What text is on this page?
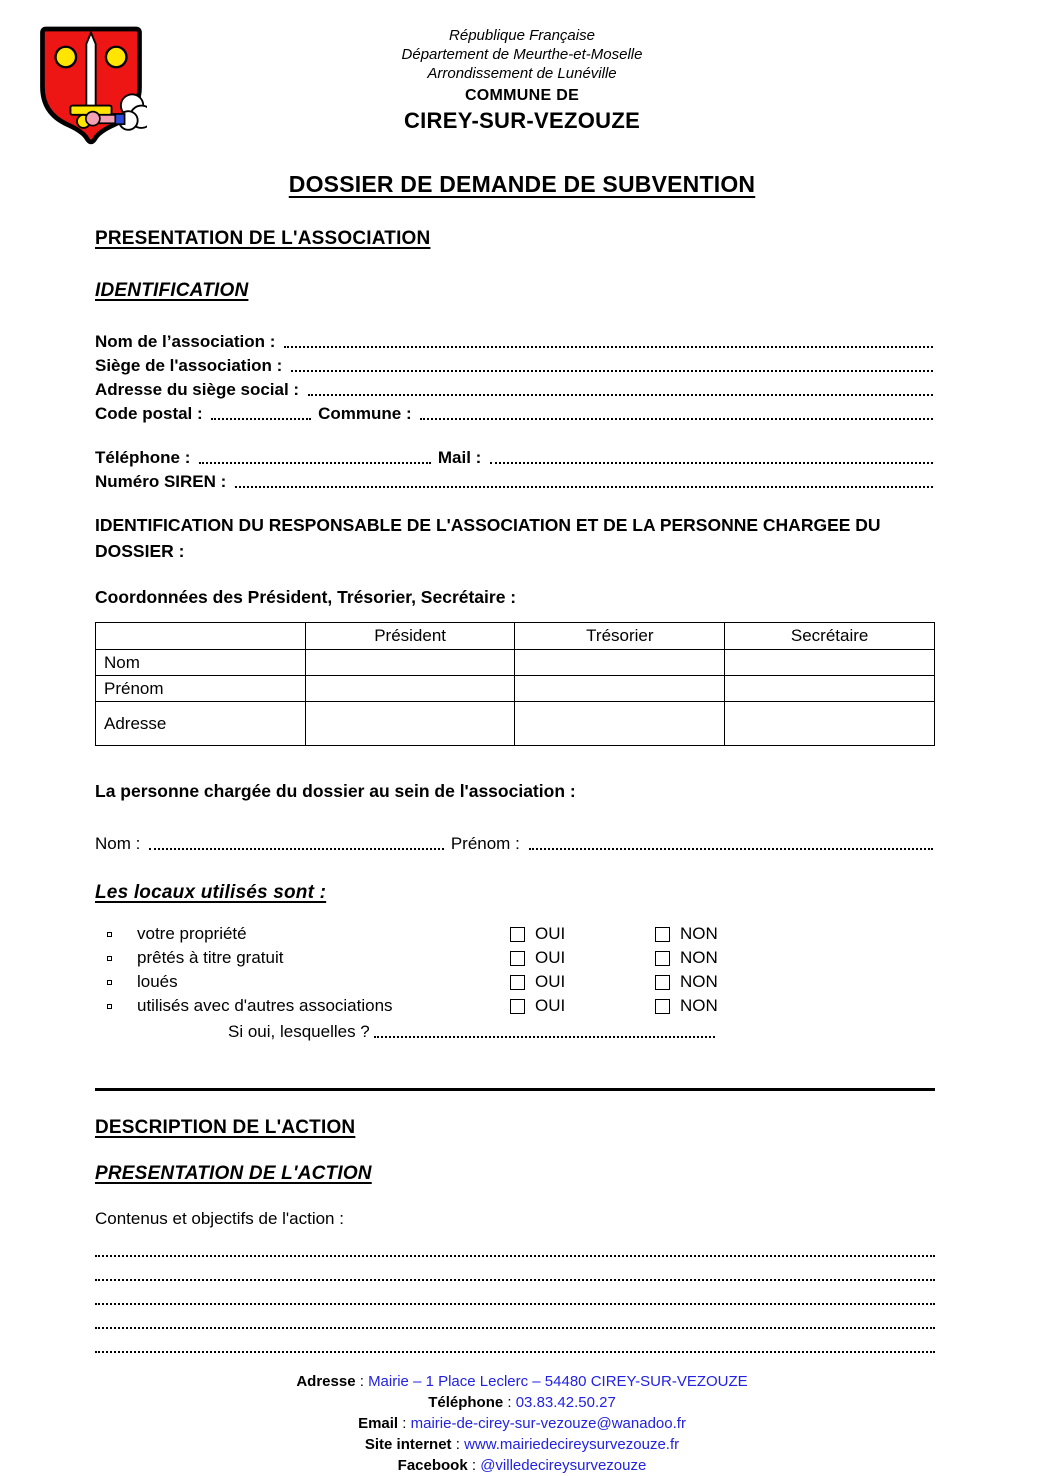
République Française
Département de Meurthe-et-Moselle
Arrondissement de Lunéville
COMMUNE DE
CIREY-SUR-VEZOUZE
DOSSIER DE DEMANDE DE SUBVENTION
PRESENTATION DE L'ASSOCIATION
IDENTIFICATION
Nom de l’association :
Siège de l'association :
Adresse du siège social :
Code postal :	Commune :
Téléphone :	Mail :
Numéro SIREN :
IDENTIFICATION DU RESPONSABLE DE L'ASSOCIATION ET DE LA PERSONNE CHARGEE DU DOSSIER :
Coordonnées des Président, Trésorier, Secrétaire :
	Président	Trésorier	Secrétaire
Nom			
Prénom			
Adresse			
La personne chargée du dossier au sein de l'association :
Nom :	Prénom :
Les locaux utilisés sont :
votre propriété	OUI	NON
prêtés à titre gratuit	OUI	NON
loués	OUI	NON
utilisés avec d'autres associations	OUI	NON
Si oui, lesquelles ?
DESCRIPTION DE L'ACTION
PRESENTATION DE L'ACTION
Contenus et objectifs de l'action :
Adresse : Mairie – 1 Place Leclerc – 54480 CIREY-SUR-VEZOUZE
Téléphone : 03.83.42.50.27
Email : mairie-de-cirey-sur-vezouze@wanadoo.fr
Site internet : www.mairiedecireysurvezouze.fr
Facebook : @villedecireysurvezouze
